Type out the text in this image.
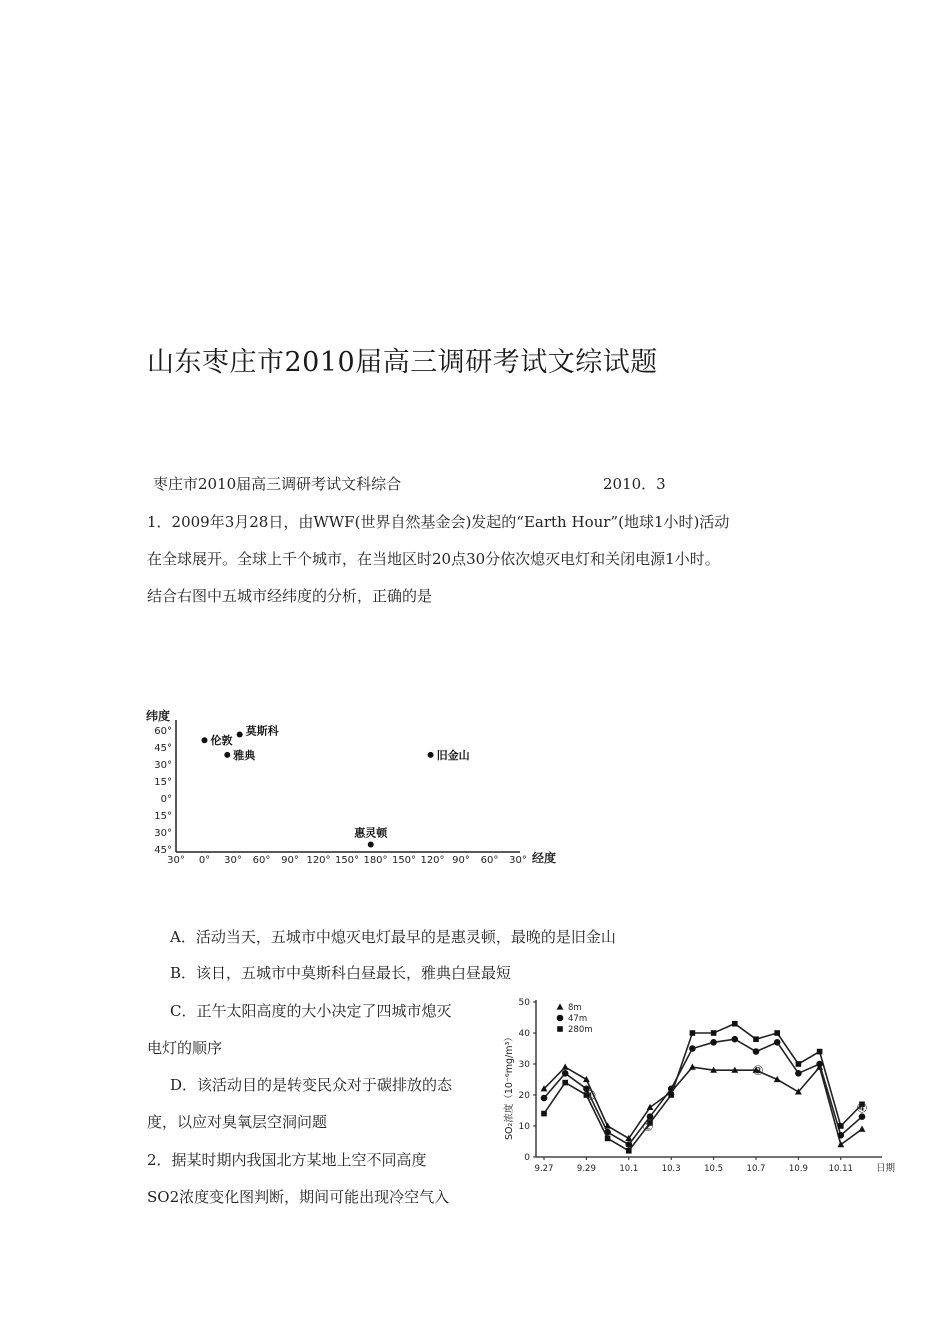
山东枣庄市2010届高三调研考试文综试题
枣庄市2010届高三调研考试文科综合	2010．3
1．2009年3月28日，由WWF(世界自然基金会)发起的“Earth Hour”(地球1小时)活动
在全球展开。全球上千个城市，在当地区时20点30分依次熄灭电灯和关闭电源1小时。
结合右图中五城市经纬度的分析，正确的是
纬度
经度
60°
45°
30°
15°
0°
15°
30°
45°
30° 0° 30° 60° 90° 120° 150° 180° 150° 120° 90° 60° 30°
伦敦
莫斯科
雅典	旧金山
惠灵顿
A．活动当天，五城市中熄灭电灯最早的是惠灵顿，最晚的是旧金山
B．该日，五城市中莫斯科白昼最长，雅典白昼最短
C．正午太阳高度的大小决定了四城市熄灭
电灯的顺序
D．该活动目的是转变民众对于碳排放的态
度，以应对臭氧层空洞问题
2．据某时期内我国北方某地上空不同高度
SO2浓度变化图判断，期间可能出现冷空气入
SO₂浓度（10⁻⁶mg/m³）
日期
0
10
20
30
40
50
9.27	9.29	10.1	10.3	10.5	10.7	10.9 10.11
8m
47m
280m
①
②
③
④
